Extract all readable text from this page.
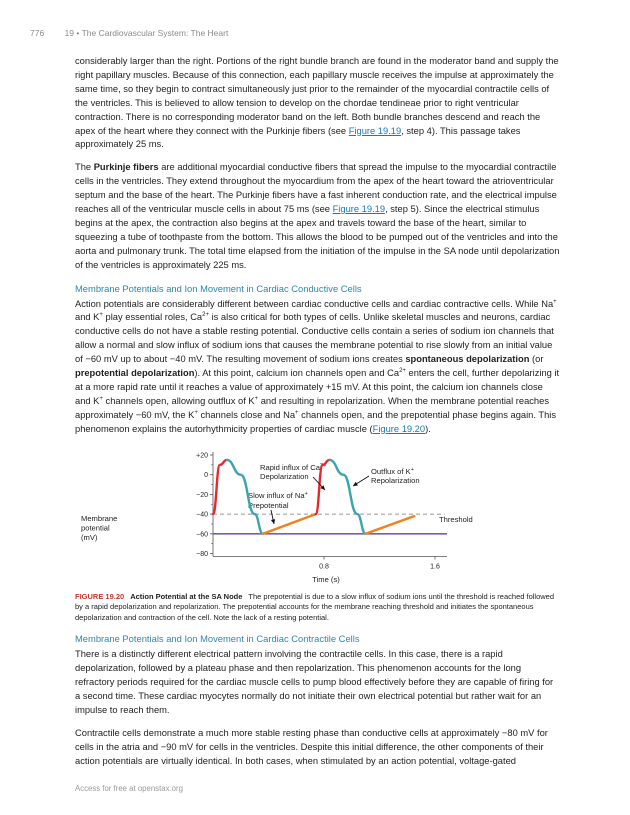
776 19 • The Cardiovascular System: The Heart

considerably larger than the right. Portions of the right bundle branch are found in the moderator band and supply the right papillary muscles. Because of this connection, each papillary muscle receives the impulse at approximately the same time, so they begin to contract simultaneously just prior to the remainder of the myocardial contractile cells of the ventricles. This is believed to allow tension to develop on the chordae tendineae prior to right ventricular contraction. There is no corresponding moderator band on the left. Both bundle branches descend and reach the apex of the heart where they connect with the Purkinje fibers (see Figure 19.19, step 4). This passage takes approximately 25 ms.

The Purkinje fibers are additional myocardial conductive fibers that spread the impulse to the myocardial contractile cells in the ventricles. They extend throughout the myocardium from the apex of the heart toward the atrioventricular septum and the base of the heart. The Purkinje fibers have a fast inherent conduction rate, and the electrical impulse reaches all of the ventricular muscle cells in about 75 ms (see Figure 19.19, step 5). Since the electrical stimulus begins at the apex, the contraction also begins at the apex and travels toward the base of the heart, similar to squeezing a tube of toothpaste from the bottom. This allows the blood to be pumped out of the ventricles and into the aorta and pulmonary trunk. The total time elapsed from the initiation of the impulse in the SA node until depolarization of the ventricles is approximately 225 ms.

Membrane Potentials and Ion Movement in Cardiac Conductive Cells

Action potentials are considerably different between cardiac conductive cells and cardiac contractive cells. While Na+ and K+ play essential roles, $Ca^{2+}$ is also critical for both types of cells. Unlike skeletal muscles and neurons, cardiac conductive cells do not have a stable resting potential. Conductive cells contain a series of sodium ion channels that allow a normal and slow influx of sodium ions that causes the membrane potential to rise slowly from an initial value of −60 mV up to about −40 mV. The resulting movement of sodium ions creates spontaneous depolarization (or prepotential depolarization). At this point, calcium ion channels open and $Ca^{2+}$ enters the cell, further depolarizing it at a more rapid rate until it reaches a value of approximately +15 mV. At this point, the calcium ion channels close and K+ channels open, allowing outflux of K+ and resulting in repolarization. When the membrane potential reaches approximately −60 mV, the K+ channels close and Na+ channels open, and the prepotential phase begins again. This phenomenon explains the autorhythmicity properties of cardiac muscle (Figure 19.20).

Membrane
potential
(mV)
Rapid influx of $Ca^{2+}$
Depolarization
Outflux of K+
Repolarization
Slow influx of Na+
Prepotential
Threshold
Time (s)
+20
0
−20
−40
−60
−80
0.8	1.6

FIGURE 19.20 Action Potential at the SA Node The prepotential is due to a slow influx of sodium ions until the threshold is reached followed by a rapid depolarization and repolarization. The prepotential accounts for the membrane reaching threshold and initiates the spontaneous depolarization and contraction of the cell. Note the lack of a resting potential.

Membrane Potentials and Ion Movement in Cardiac Contractile Cells

There is a distinctly different electrical pattern involving the contractile cells. In this case, there is a rapid depolarization, followed by a plateau phase and then repolarization. This phenomenon accounts for the long refractory periods required for the cardiac muscle cells to pump blood effectively before they are capable of firing for a second time. These cardiac myocytes normally do not initiate their own electrical potential but rather wait for an impulse to reach them.

Contractile cells demonstrate a much more stable resting phase than conductive cells at approximately −80 mV for cells in the atria and −90 mV for cells in the ventricles. Despite this initial difference, the other components of their action potentials are virtually identical. In both cases, when stimulated by an action potential, voltage-gated

Access for free at openstax.org
